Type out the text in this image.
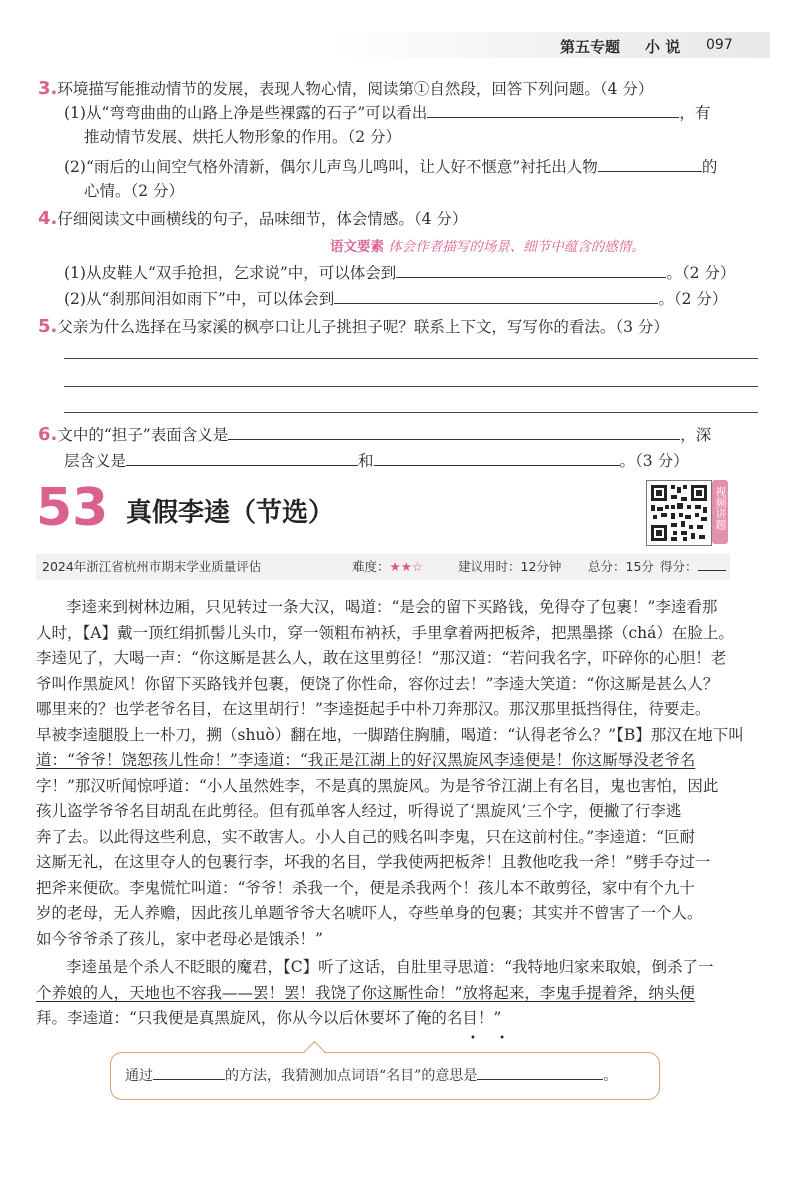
第五专题 小 说 097
3.环境描写能推动情节的发展，表现人物心情，阅读第①自然段，回答下列问题。（4 分）
(1)从“弯弯曲曲的山路上净是些裸露的石子”可以看出	，有
推动情节发展、烘托人物形象的作用。（2 分）
(2)“雨后的山间空气格外清新，偶尔儿声鸟儿鸣叫，让人好不惬意”衬托出人物	的
心情。（2 分）
4.仔细阅读文中画横线的句子，品味细节，体会情感。（4 分）
语文要素 体会作者描写的场景、细节中蕴含的感情。
(1)从皮鞋人“双手抢担，乞求说”中，可以体会到	。（2 分）
(2)从“刹那间泪如雨下”中，可以体会到	。（2 分）
5.父亲为什么选择在马家溪的枫亭口让儿子挑担子呢？联系上下文，写写你的看法。（3 分）
6.文中的“担子”表面含义是	，深
层含义是	和	。（3 分）
53 真假李逵（节选）	视频讲题
2024年浙江省杭州市期末学业质量评估	难度：★★☆	建议用时：12分钟 总分：15分 得分：
李逵来到树林边厢，只见转过一条大汉，喝道：“是会的留下买路钱，免得夺了包裹！”李逵看那
人时，【A】戴一顶红绢抓髻儿头巾，穿一领粗布衲袄，手里拿着两把板斧，把黑墨搽（chá）在脸上。
李逵见了，大喝一声：“你这厮是甚么人，敢在这里剪径！”那汉道：“若问我名字，吓碎你的心胆！老
爷叫作黑旋风！你留下买路钱并包裹，便饶了你性命，容你过去！”李逵大笑道：“你这厮是甚么人？
哪里来的？也学老爷名目，在这里胡行！”李逵挺起手中朴刀奔那汉。那汉那里抵挡得住，待要走。
早被李逵腿股上一朴刀，搠（shuò）翻在地，一脚踏住胸脯，喝道：“认得老爷么？”【B】那汉在地下叫
道：“爷爷！饶恕孩儿性命！”李逵道：“我正是江湖上的好汉黑旋风李逵便是！你这厮辱没老爷名
字！”那汉听闻惊呼道：“小人虽然姓李，不是真的黑旋风。为是爷爷江湖上有名目，鬼也害怕，因此
孩儿盗学爷爷名目胡乱在此剪径。但有孤单客人经过，听得说了‘黑旋风’三个字，便撇了行李逃
奔了去。以此得这些利息，实不敢害人。小人自己的贱名叫李鬼，只在这前村住。”李逵道：“叵耐
这厮无礼，在这里夺人的包裹行李，坏我的名目，学我使两把板斧！且教他吃我一斧！”劈手夺过一
把斧来便砍。李鬼慌忙叫道：“爷爷！杀我一个，便是杀我两个！孩儿本不敢剪径，家中有个九十
岁的老母，无人养赡，因此孩儿单题爷爷大名唬吓人，夺些单身的包裹；其实并不曾害了一个人。
如今爷爷杀了孩儿，家中老母必是饿杀！”
李逵虽是个杀人不眨眼的魔君，【C】听了这话，自肚里寻思道：“我特地归家来取娘，倒杀了一
个养娘的人，天地也不容我——罢！罢！我饶了你这厮性命！”放将起来，李鬼手提着斧，纳头便
拜。李逵道：“只我便是真黑旋风，你从今以后休要坏了俺的名目！”
• •
通过	的方法，我猜测加点词语“名目”的意思是	。
